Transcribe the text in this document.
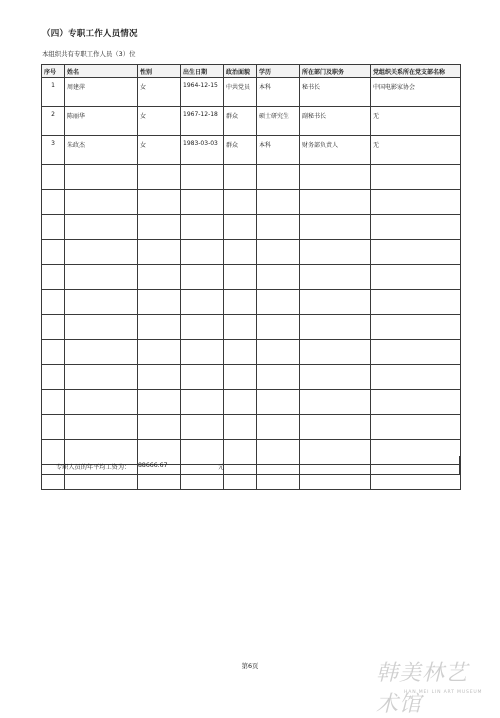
（四）专职工作人员情况
本组织共有专职工作人员（3）位
序号	姓名	性别	出生日期	政治面貌	学历	所在部门及职务	党组织关系所在党支部名称
1	周建萍	女	1964-12-15	中共党员	本科	秘书长	中国电影家协会
2	陈丽华	女	1967-12-18	群众	硕士研究生	副秘书长	无
3	朱政杰	女	1983-03-03	群众	本科	财务部负责人	无

专职人员的年平均工资为： 88666.67	元
第6页	韩美林艺术馆
HAN MEI LIN ART MUSEUM
